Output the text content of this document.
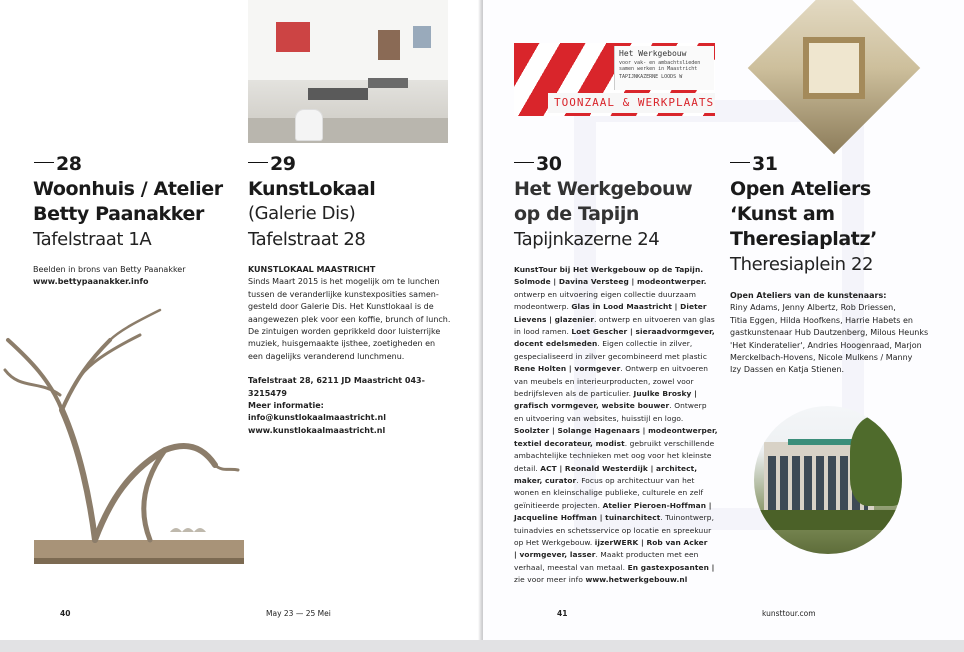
28
Woonhuis / Atelier
Betty Paanakker
Tafelstraat 1A
Beelden in brons van Betty Paanakker
www.bettypaanakker.info
29
KunstLokaal
(Galerie Dis)
Tafelstraat 28
KUNSTLOKAAL MAASTRICHT
Sinds Maart 2015 is het mogelijk om te lunchen
tussen de veranderlijke kunstexposities samen-
gesteld door Galerie Dis. Het Kunstlokaal is de
aangewezen plek voor een koffie, brunch of lunch.
De zintuigen worden geprikkeld door luisterrijke
muziek, huisgemaakte ijsthee, zoetigheden en
een dagelijks veranderend lunchmenu.
Tafelstraat 28, 6211 JD Maastricht 043-3215479
Meer informatie: info@kunstlokaalmaastricht.nl
www.kunstlokaalmaastricht.nl
40	May 23 — 25 Mei
Het Werkgebouw
voor vak- en ambachtslieden
samen werken in Maastricht
TAPIJNKAZERNE LOODS W
TOONZAAL & WERKPLAATS
30
Het Werkgebouw
op de Tapijn
Tapijnkazerne 24
KunstTour bij Het Werkgebouw op de Tapijn.
Solmode | Davina Versteeg | modeontwerper.
ontwerp en uitvoering eigen collectie duurzaam
modeontwerp. Glas in Lood Maastricht | Dieter
Lievens | glazenier. ontwerp en uitvoeren van glas
in lood ramen. Loet Gescher | sieraadvormgever,
docent edelsmeden. Eigen collectie in zilver,
gespecialiseerd in zilver gecombineerd met plastic
Rene Holten | vormgever. Ontwerp en uitvoeren
van meubels en interieurproducten, zowel voor
bedrijfsleven als de particulier. Juulke Brosky |
grafisch vormgever, website bouwer. Ontwerp
en uitvoering van websites, huisstijl en logo.
Soolzter | Solange Hagenaars | modeontwerper,
textiel decorateur, modist. gebruikt verschillende
ambachtelijke technieken met oog voor het kleinste
detail. ACT | Reonald Westerdijk | architect,
maker, curator. Focus op architectuur van het
wonen en kleinschalige publieke, culturele en zelf
geïnitieerde projecten. Atelier Pieroen-Hoffman |
Jacqueline Hoffman | tuinarchitect. Tuinontwerp,
tuinadvies en schetsservice op locatie en spreekuur
op Het Werkgebouw. ijzerWERK | Rob van Acker
| vormgever, lasser. Maakt producten met een
verhaal, meestal van metaal. En gastexposanten |
zie voor meer info www.hetwerkgebouw.nl
31
Open Ateliers
‘Kunst am
Theresiaplatz’
Theresiaplein 22
Open Ateliers van de kunstenaars:
Riny Adams, Jenny Albertz, Rob Driessen,
Titia Eggen, Hilda Hoofkens, Harrie Habets en
gastkunstenaar Hub Dautzenberg, Milous Heunks
'Het Kinderatelier', Andries Hoogenraad, Marjon
Merckelbach-Hovens, Nicole Mulkens / Manny
Izy Dassen en Katja Stienen.
41	kunsttour.com
